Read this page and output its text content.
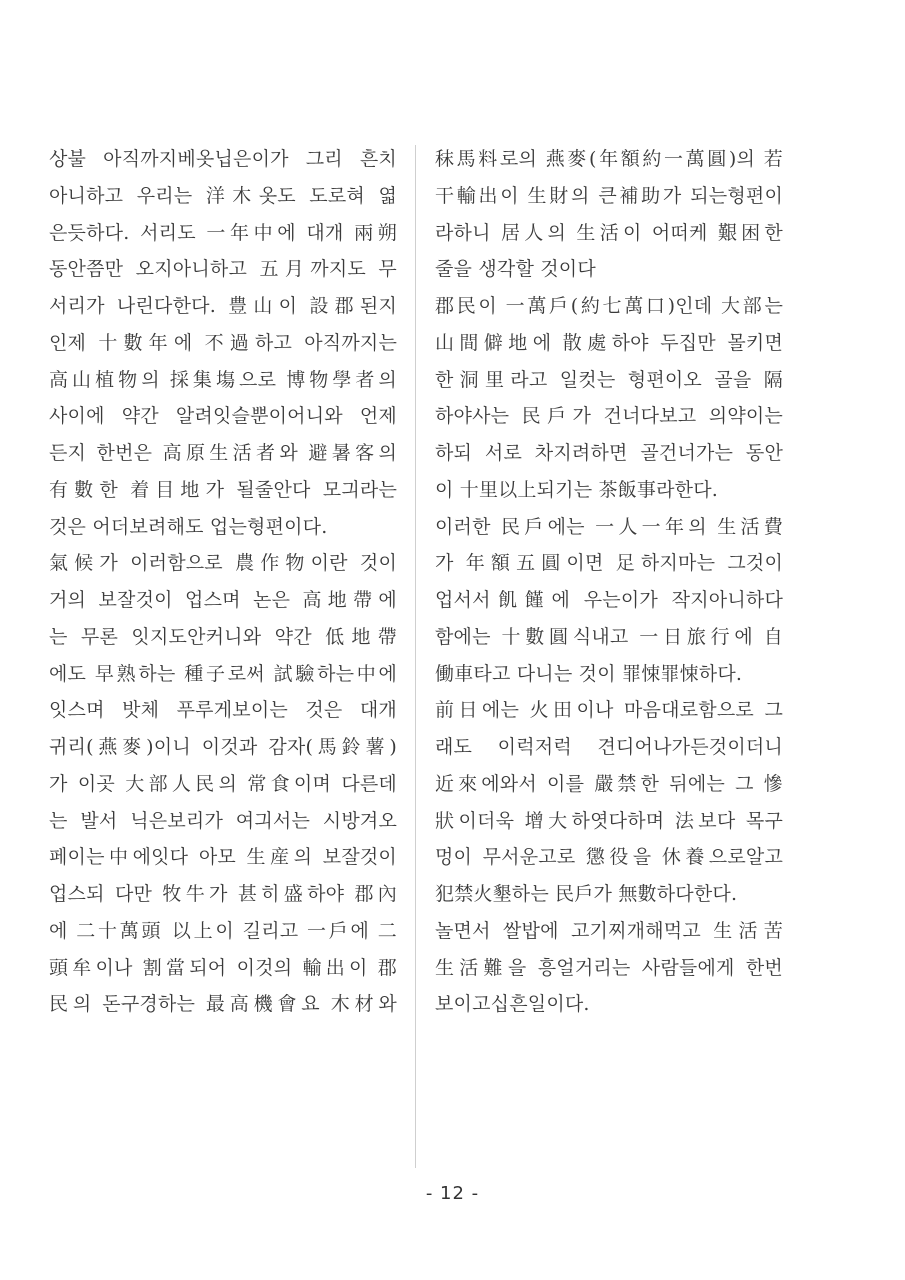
상불 아직까지베옷닙은이가 그리 흔치
아니하고 우리는 洋木옷도 도로혀 엷
은듯하다. 서리도 一年中에 대개 兩朔
동안쯤만 오지아니하고 五月까지도 무
서리가 나린다한다. 豊山이 設郡된지
인제 十數年에 不過하고 아직까지는
高山植物의 採集塲으로 博物學者의
사이에 약간 알려잇슬뿐이어니와 언제
든지 한번은 高原生活者와 避暑客의
有數한 着目地가 될줄안다 모긔라는
것은 어더보려해도 업는형편이다.
氣候가 이러함으로 農作物이란 것이
거의 보잘것이 업스며 논은 高地帶에
는 무론 잇지도안커니와 약간 低地帶
에도 早熟하는 種子로써 試驗하는中에
잇스며 밧체 푸루게보이는 것은 대개
귀리(燕麥)이니 이것과 감자(馬鈴薯)
가 이곳 大部人民의 常食이며 다른데
는 발서 닉은보리가 여긔서는 시방겨오
페이는中에잇다 아모 生産의 보잘것이
업스되 다만 牧牛가 甚히盛하야 郡內
에 二十萬頭 以上이 길리고 一戶에 二
頭牟이나 割當되어 이것의 輸出이 郡
民의 돈구경하는 最高機會요 木材와
秣馬料로의 燕麥(年額約一萬圓)의 若
干輸出이 生財의 큰補助가 되는형편이
라하니 居人의 生活이 어떠케 艱困한
줄을 생각할 것이다
郡民이 一萬戶(約七萬口)인데 大部는
山間僻地에 散處하야 두집만 몰키면
한洞里라고 일컷는 형편이오 골을 隔
하야사는 民戶가 건너다보고 의약이는
하되 서로 차지려하면 골건너가는 동안
이 十里以上되기는 茶飯事라한다.
이러한 民戶에는 一人一年의 生活費
가 年額五圓이면 足하지마는 그것이
업서서飢饉에 우는이가 작지아니하다
함에는 十數圓식내고 一日旅行에 自
働車타고 다니는 것이 罪悚罪悚하다.
前日에는 火田이나 마음대로함으로 그
래도 이럭저럭 견디어나가든것이더니
近來에와서 이를 嚴禁한 뒤에는 그 慘
狀이더욱 增大하엿다하며 法보다 목구
멍이 무서운고로 懲役을 休養으로알고
犯禁火墾하는 民戶가 無數하다한다.
놀면서 쌀밥에 고기찌개해먹고 生活苦
生活難을 흥얼거리는 사람들에게 한번
보이고십흔일이다.
- 12 -
